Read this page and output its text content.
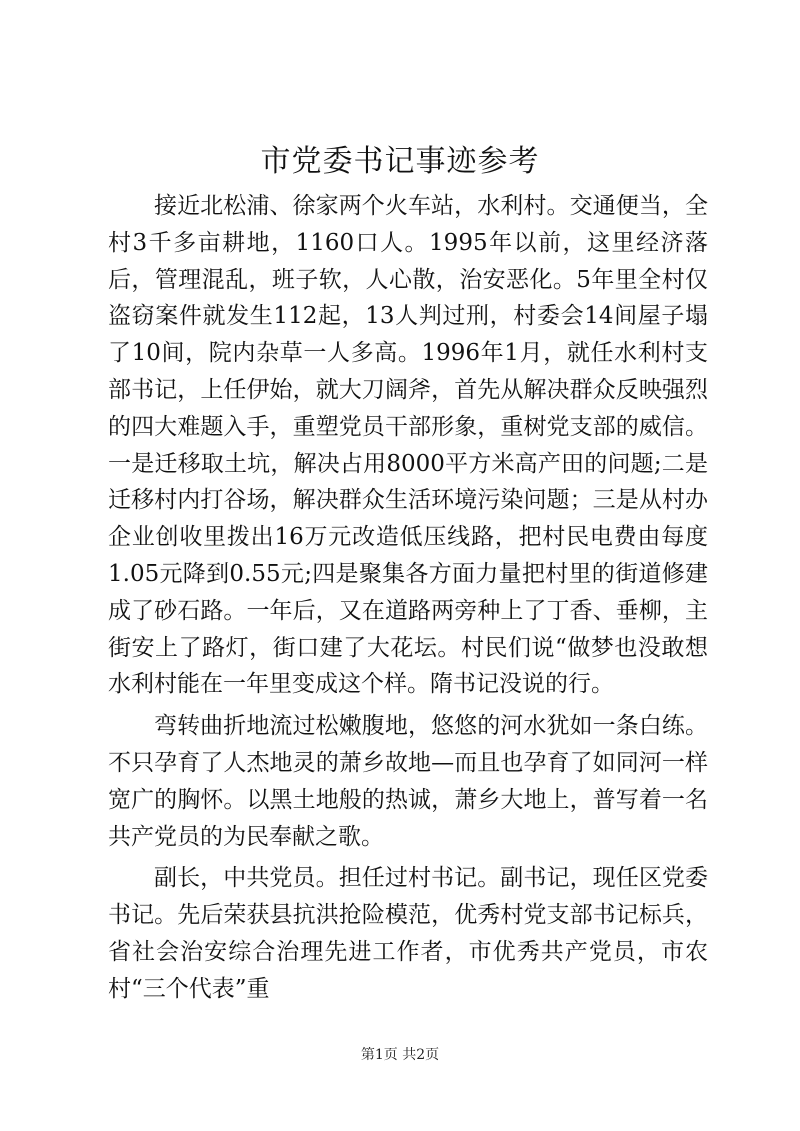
市党委书记事迹参考

接近北松浦、徐家两个火车站，水利村。交通便当，全村3千多亩耕地，1160口人。1995年以前，这里经济落后，管理混乱，班子软，人心散，治安恶化。5年里全村仅盗窃案件就发生112起，13人判过刑，村委会14间屋子塌了10间，院内杂草一人多高。1996年1月，就任水利村支部书记，上任伊始，就大刀阔斧，首先从解决群众反映强烈的四大难题入手，重塑党员干部形象，重树党支部的威信。一是迁移取土坑，解决占用8000平方米高产田的问题;二是迁移村内打谷场，解决群众生活环境污染问题；三是从村办企业创收里拨出16万元改造低压线路，把村民电费由每度1.05元降到0.55元;四是聚集各方面力量把村里的街道修建成了砂石路。一年后，又在道路两旁种上了丁香、垂柳，主街安上了路灯，街口建了大花坛。村民们说“做梦也没敢想水利村能在一年里变成这个样。隋书记没说的行。

弯转曲折地流过松嫩腹地，悠悠的河水犹如一条白练。不只孕育了人杰地灵的萧乡故地—而且也孕育了如同河一样宽广的胸怀。以黑土地般的热诚，萧乡大地上，普写着一名共产党员的为民奉献之歌。

副长，中共党员。担任过村书记。副书记，现任区党委书记。先后荣获县抗洪抢险模范，优秀村党支部书记标兵，省社会治安综合治理先进工作者，市优秀共产党员，市农村“三个代表”重

第1页 共2页
